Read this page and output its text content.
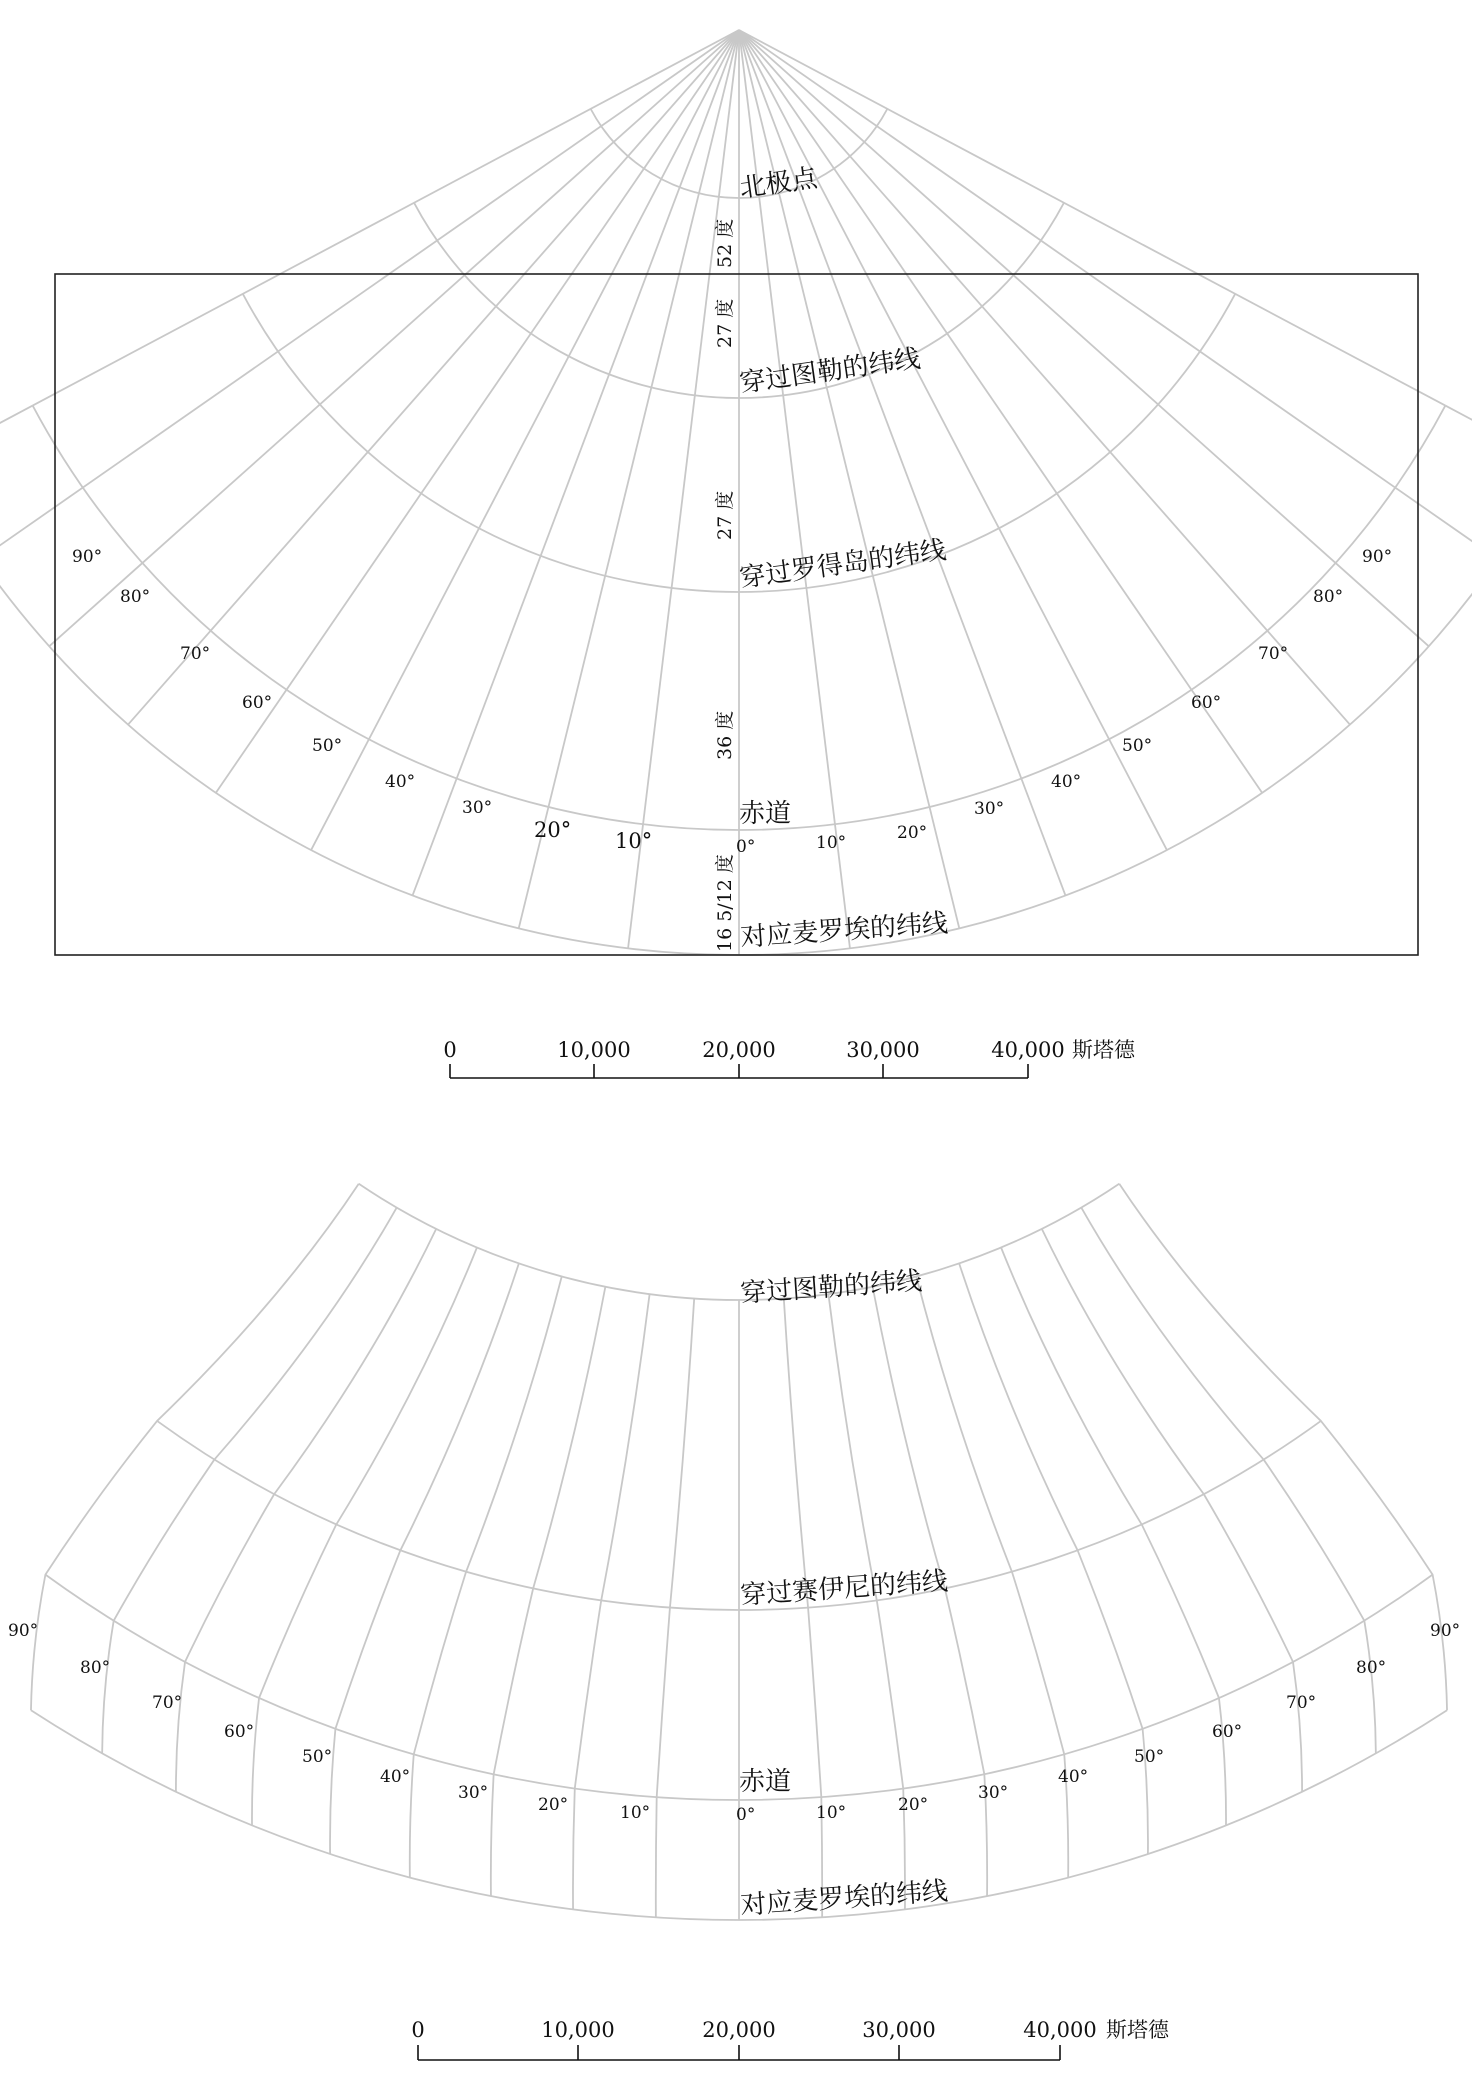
北极点
穿过图勒的纬线
穿过罗得岛的纬线
赤道
对应麦罗埃的纬线
52 度
27 度
27 度
36 度
16 5/12 度
90°
80°
70°
60°
50°
40°
30°
20° 10°	0°	10°	20°
30°
40°
50°
60°
70°
80°
90°
0	10,000	20,000	30,000	40,000 斯塔德
穿过图勒的纬线
穿过赛伊尼的纬线
赤道
对应麦罗埃的纬线
90°
80°
70°
60°
50°
40°
30°
20°	10°	0°	10°	20°
30°
40°
50°
60°
70°
80°
90°
0	10,000	20,000	30,000	40,000 斯塔德
